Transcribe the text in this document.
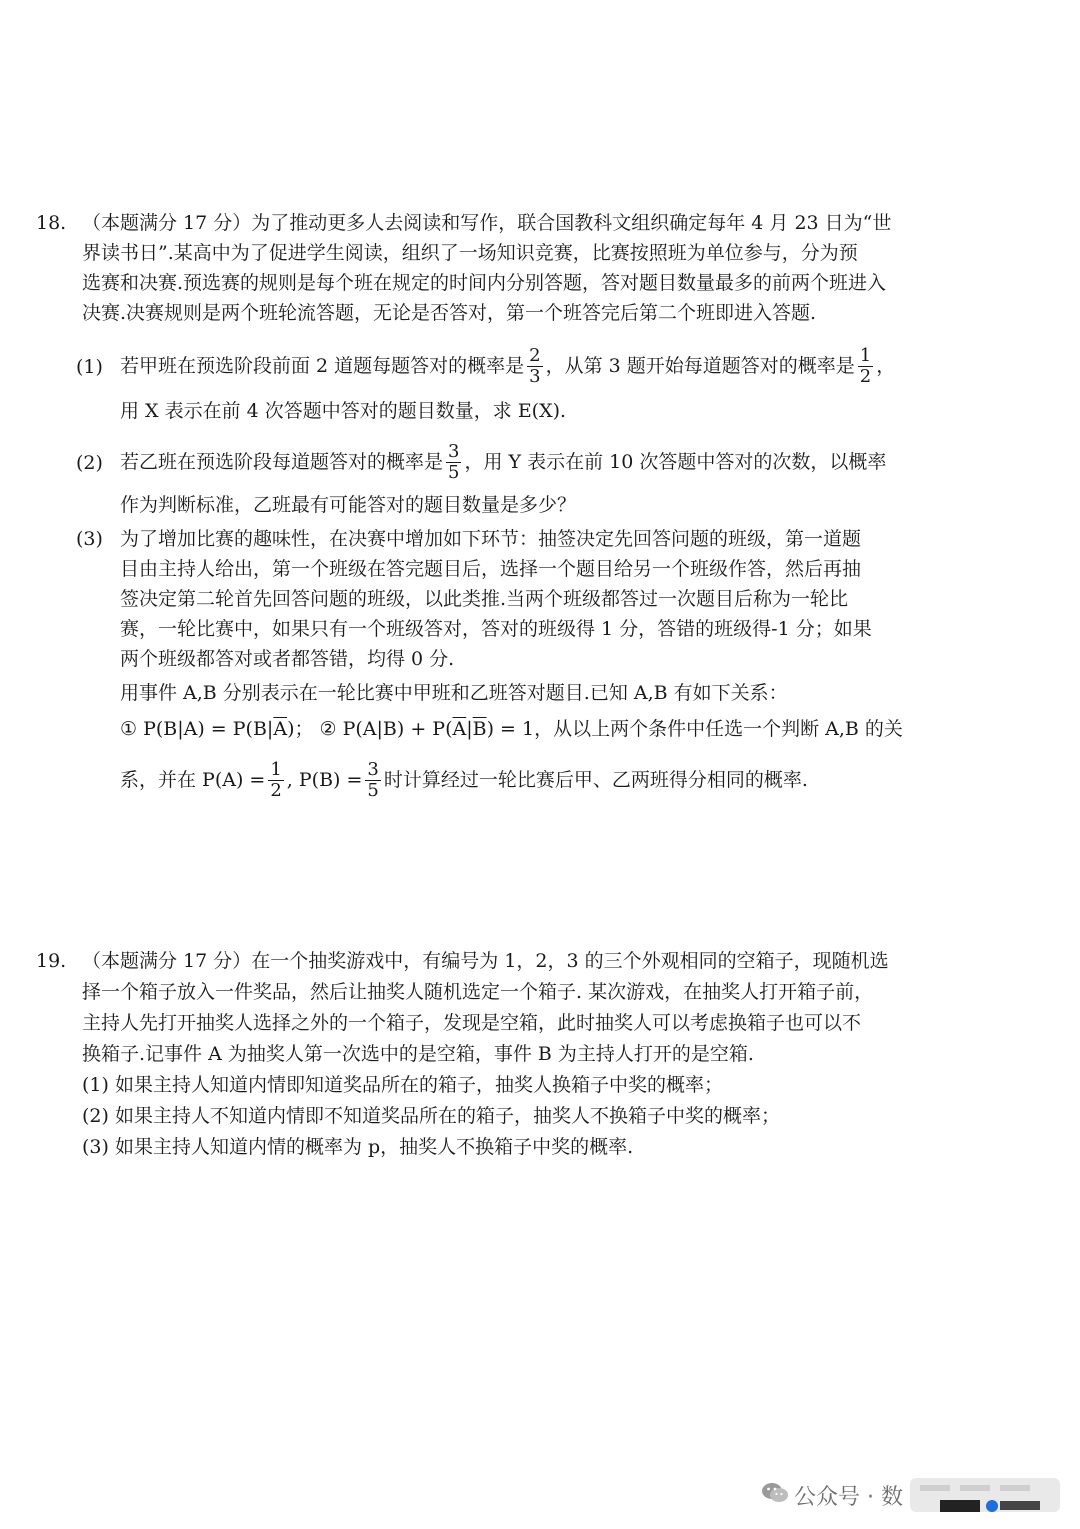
18. （本题满分 17 分）为了推动更多人去阅读和写作，联合国教科文组织确定每年 4 月 23 日为“世
界读书日”.某高中为了促进学生阅读，组织了一场知识竞赛，比赛按照班为单位参与，分为预
选赛和决赛.预选赛的规则是每个班在规定的时间内分别答题，答对题目数量最多的前两个班进入
决赛.决赛规则是两个班轮流答题，无论是否答对，第一个班答完后第二个班即进入答题.
(1) 若甲班在预选阶段前面 2 道题每题答对的概率是 $\frac{2}{3}$ ，从第 3 题开始每道题答对的概率是 $\frac{1}{2}$ ，
用 X 表示在前 4 次答题中答对的题目数量，求 E(X).
(2) 若乙班在预选阶段每道题答对的概率是 $\frac{3}{5}$ ，用 Y 表示在前 10 次答题中答对的次数，以概率
作为判断标准，乙班最有可能答对的题目数量是多少？
(3) 为了增加比赛的趣味性，在决赛中增加如下环节：抽签决定先回答问题的班级，第一道题
目由主持人给出，第一个班级在答完题目后，选择一个题目给另一个班级作答，然后再抽
签决定第二轮首先回答问题的班级，以此类推.当两个班级都答过一次题目后称为一轮比
赛，一轮比赛中，如果只有一个班级答对，答对的班级得 1 分，答错的班级得-1 分；如果
两个班级都答对或者都答错，均得 0 分.
用事件 A,B 分别表示在一轮比赛中甲班和乙班答对题目.已知 A,B 有如下关系：
① $P(B|A) = P(B|\overline{A})$； ② $P(A|B) + P(\overline{A}|\overline{B}) = 1$，从以上两个条件中任选一个判断 A,B 的关
系，并在 $P(A) = \frac{1}{2}$ , $P(B) = \frac{3}{5}$ 时计算经过一轮比赛后甲、乙两班得分相同的概率.
19. （本题满分 17 分）在一个抽奖游戏中，有编号为 1，2，3 的三个外观相同的空箱子，现随机选
择一个箱子放入一件奖品，然后让抽奖人随机选定一个箱子. 某次游戏，在抽奖人打开箱子前，
主持人先打开抽奖人选择之外的一个箱子，发现是空箱，此时抽奖人可以考虑换箱子也可以不
换箱子.记事件 A 为抽奖人第一次选中的是空箱，事件 B 为主持人打开的是空箱.
(1) 如果主持人知道内情即知道奖品所在的箱子，抽奖人换箱子中奖的概率；
(2) 如果主持人不知道内情即不知道奖品所在的箱子，抽奖人不换箱子中奖的概率；
(3) 如果主持人知道内情的概率为 p，抽奖人不换箱子中奖的概率.
公众号 · 数
